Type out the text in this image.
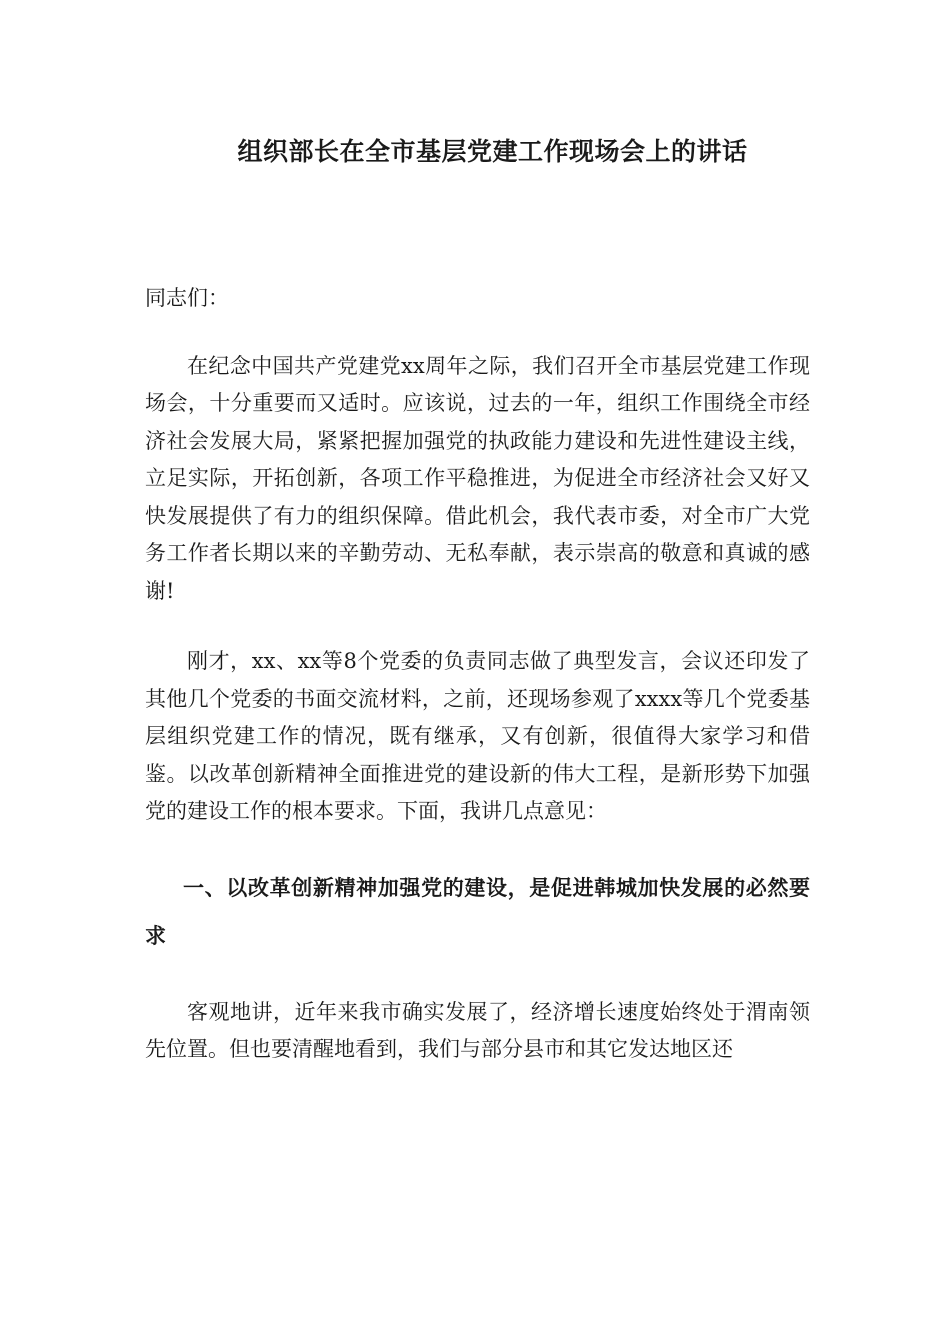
组织部长在全市基层党建工作现场会上的讲话

同志们：

在纪念中国共产党建党xx周年之际，我们召开全市基层党建工作现场会，十分重要而又适时。应该说，过去的一年，组织工作围绕全市经济社会发展大局，紧紧把握加强党的执政能力建设和先进性建设主线，立足实际，开拓创新，各项工作平稳推进，为促进全市经济社会又好又快发展提供了有力的组织保障。借此机会，我代表市委，对全市广大党务工作者长期以来的辛勤劳动、无私奉献，表示崇高的敬意和真诚的感谢!

刚才，xx、xx等8个党委的负责同志做了典型发言，会议还印发了其他几个党委的书面交流材料，之前，还现场参观了xxxx等几个党委基层组织党建工作的情况，既有继承，又有创新，很值得大家学习和借鉴。以改革创新精神全面推进党的建设新的伟大工程，是新形势下加强党的建设工作的根本要求。下面，我讲几点意见：

一、以改革创新精神加强党的建设，是促进韩城加快发展的必然要求

客观地讲，近年来我市确实发展了，经济增长速度始终处于渭南领先位置。但也要清醒地看到，我们与部分县市和其它发达地区还
